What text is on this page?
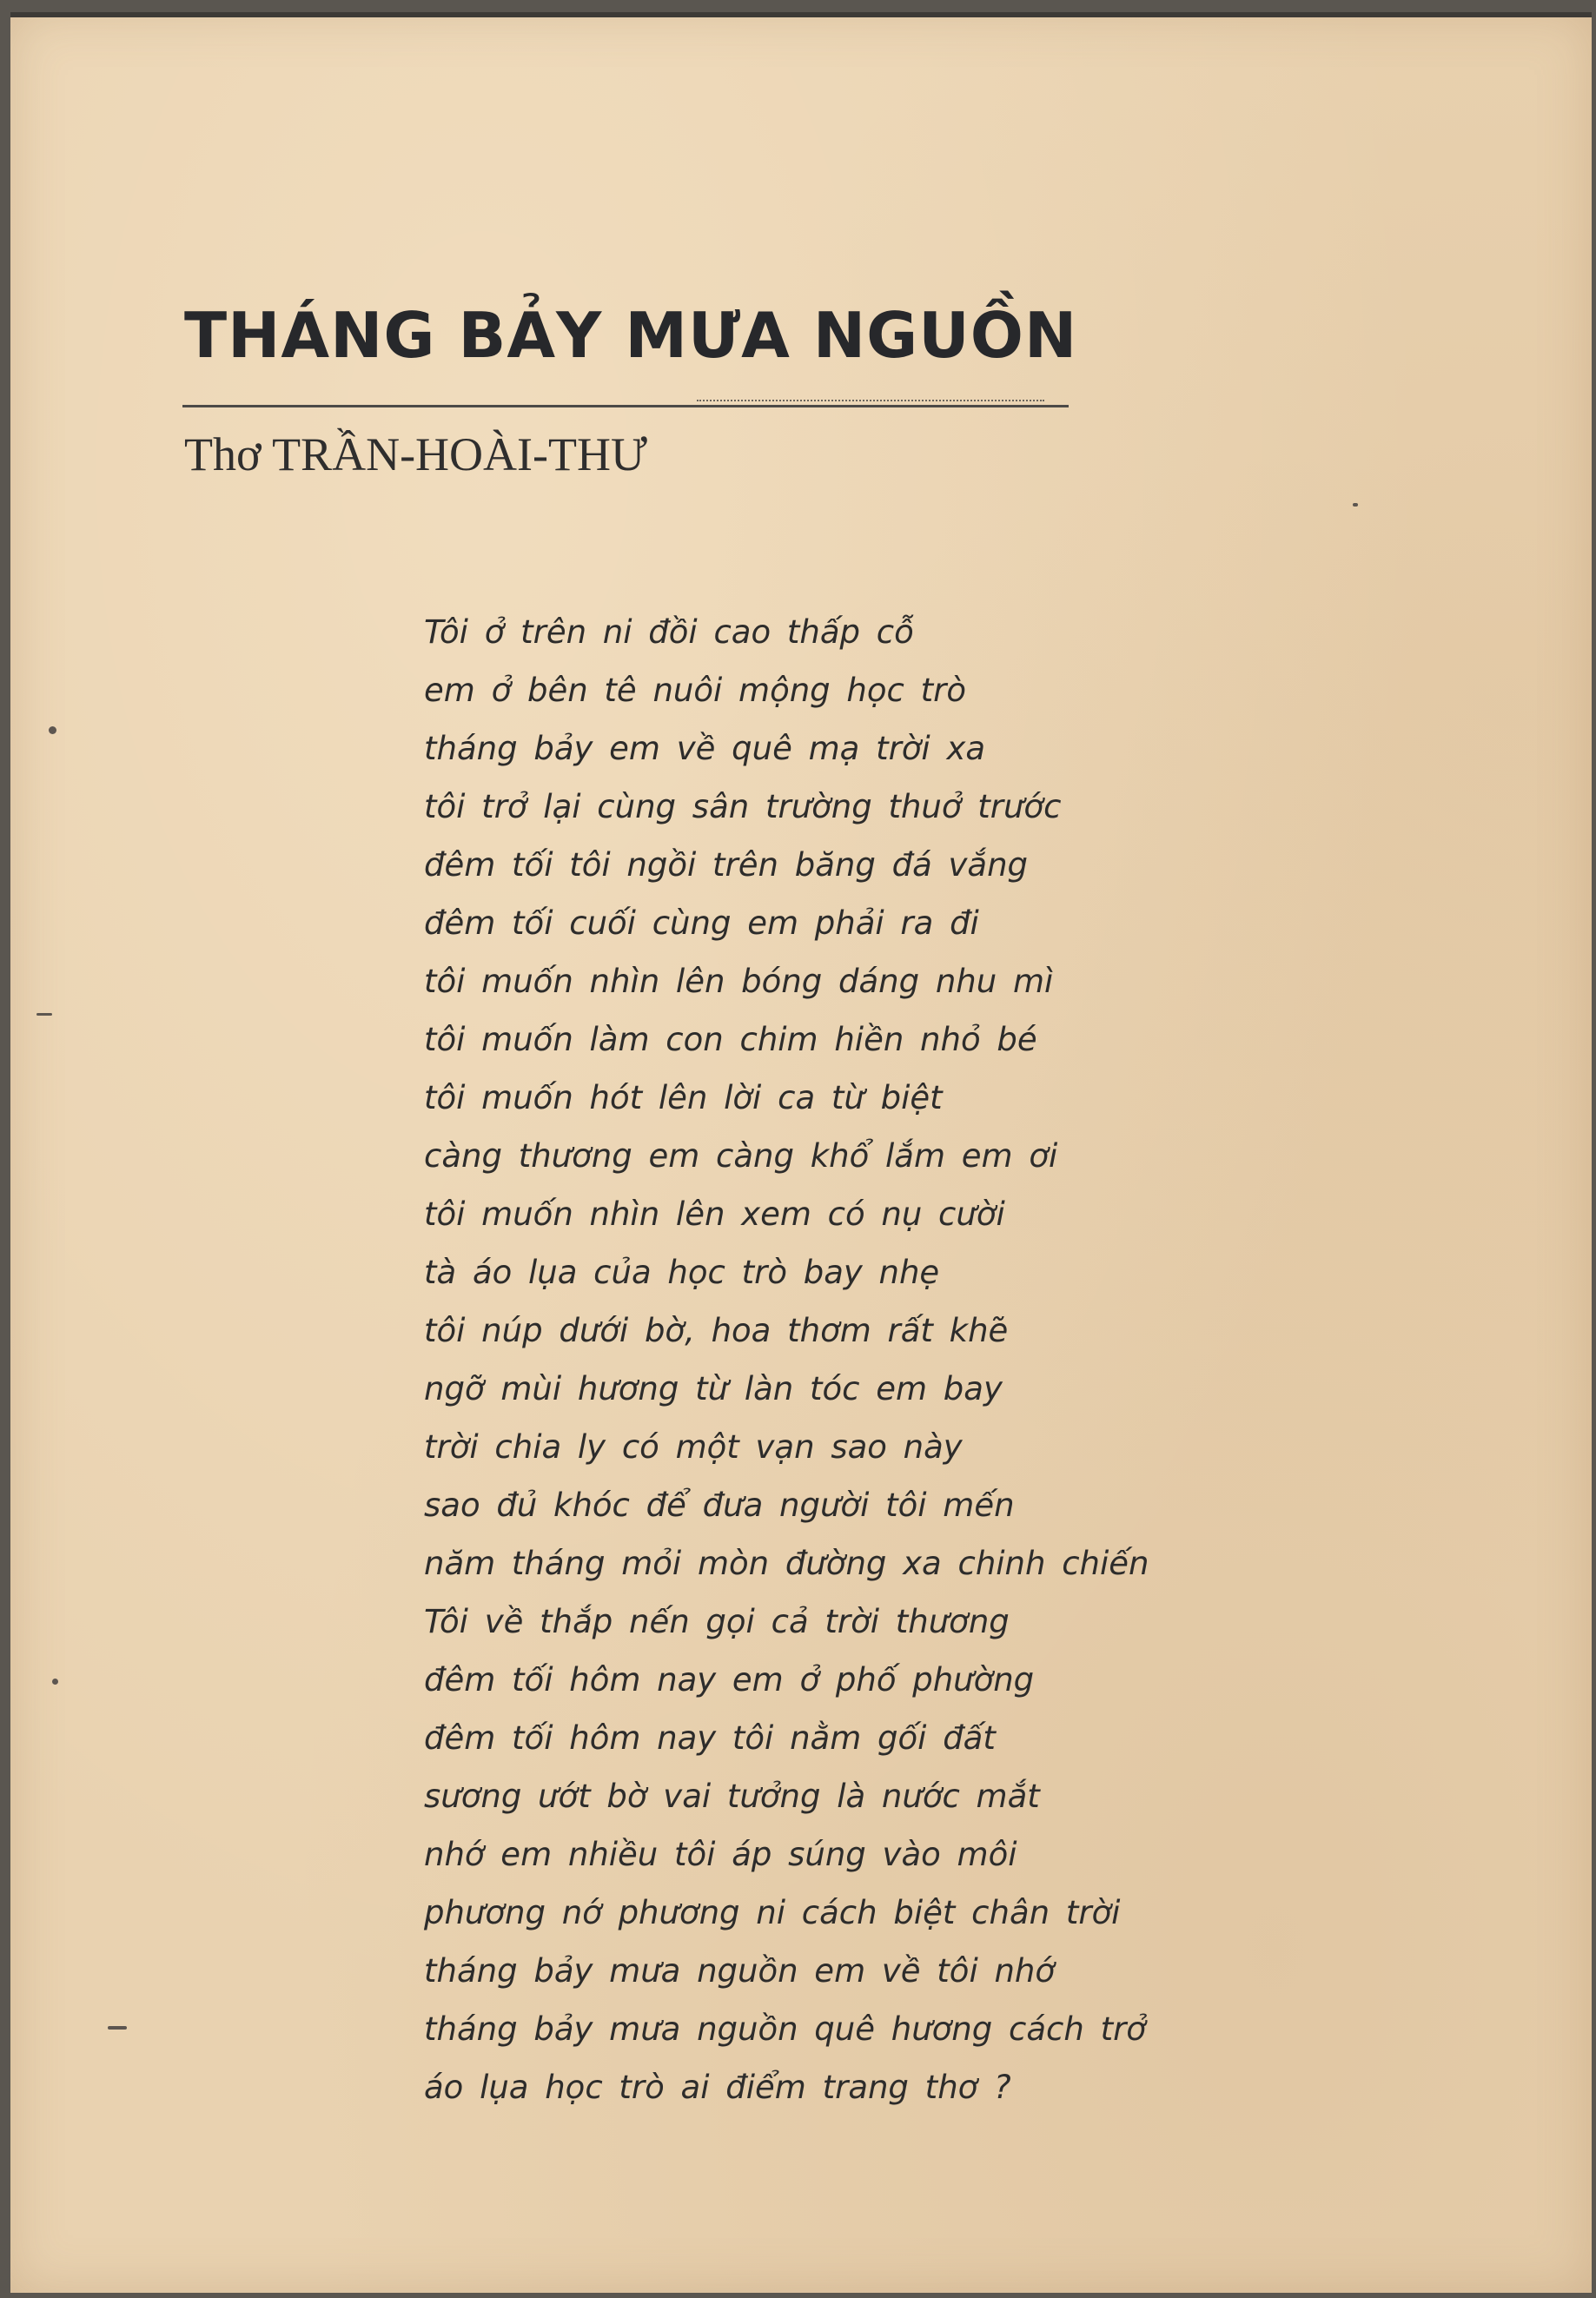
THÁNG BẢY MƯA NGUỒN
Thơ TRẦN-HOÀI-THƯ
Tôi ở trên ni đồi cao thấp cỗ
em ở bên tê nuôi mộng học trò
tháng bảy em về quê mạ trời xa
tôi trở lại cùng sân trường thuở trước
đêm tối tôi ngồi trên băng đá vắng
đêm tối cuối cùng em phải ra đi
tôi muốn nhìn lên bóng dáng nhu mì
tôi muốn làm con chim hiền nhỏ bé
tôi muốn hót lên lời ca từ biệt
càng thương em càng khổ lắm em ơi
tôi muốn nhìn lên xem có nụ cười
tà áo lụa của học trò bay nhẹ
tôi núp dưới bờ, hoa thơm rất khẽ
ngỡ mùi hương từ làn tóc em bay
trời chia ly có một vạn sao này
sao đủ khóc để đưa người tôi mến
năm tháng mỏi mòn đường xa chinh chiến
Tôi về thắp nến gọi cả trời thương
đêm tối hôm nay em ở phố phường
đêm tối hôm nay tôi nằm gối đất
sương ướt bờ vai tưởng là nước mắt
nhớ em nhiều tôi áp súng vào môi
phương nớ phương ni cách biệt chân trời
tháng bảy mưa nguồn em về tôi nhớ
tháng bảy mưa nguồn quê hương cách trở
áo lụa học trò ai điểm trang thơ ?
